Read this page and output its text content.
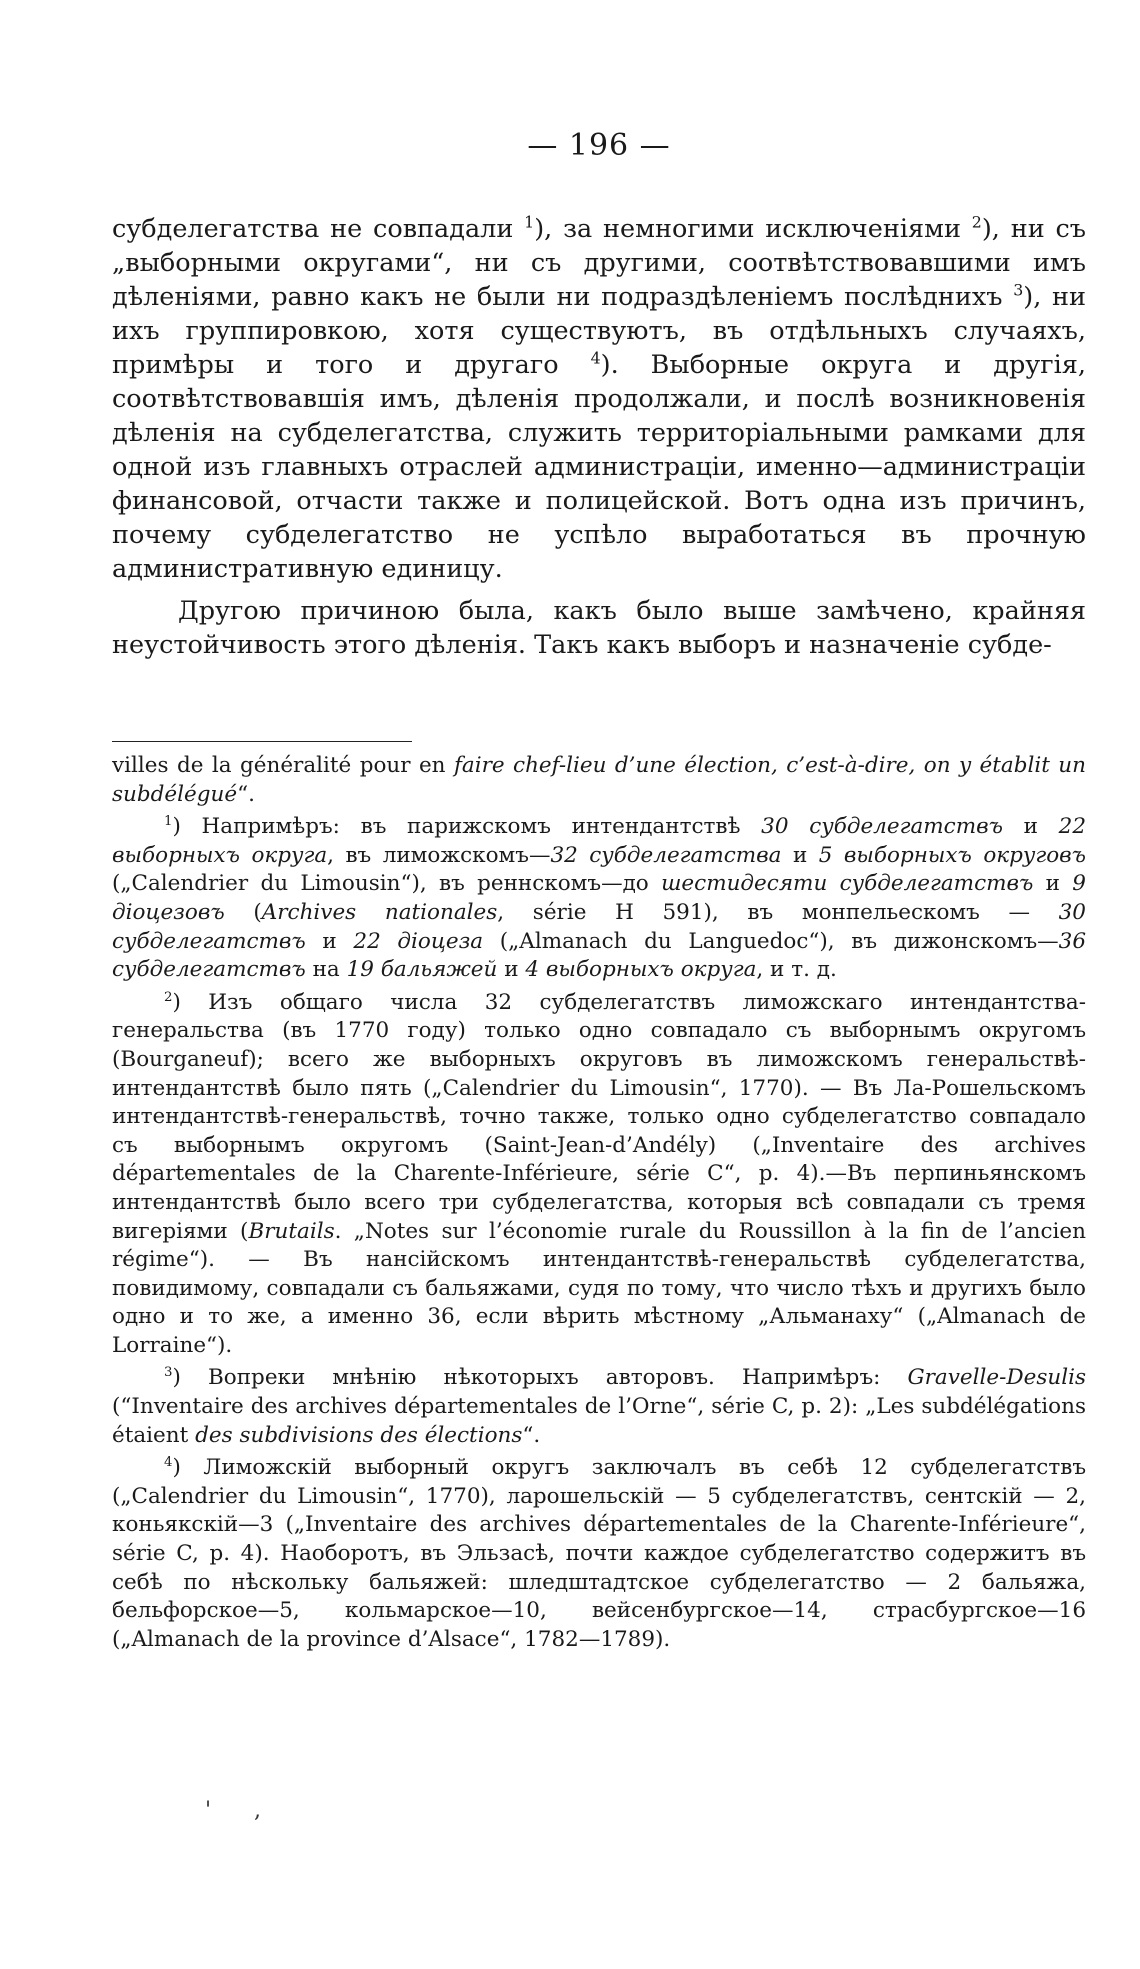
— 196 —

субделегатства не совпадали $^1$), за немногими исключеніями $^2$), ни съ „выборными округами“, ни съ другими, соотвѣтствовавшими имъ дѣленіями, равно какъ не были ни подраздѣленіемъ послѣднихъ $^3$), ни ихъ группировкою, хотя существуютъ, въ отдѣльныхъ случаяхъ, примѣры и того и другаго $^4$). Выборные округа и другія, соотвѣтствовавшія имъ, дѣленія продолжали, и послѣ возникновенія дѣленія на субделегатства, служить территоріальными рамками для одной изъ главныхъ отраслей администраціи, именно—администраціи финансовой, отчасти также и полицейской. Вотъ одна изъ причинъ, почему субделегатство не успѣло выработаться въ прочную административную единицу.

Другою причиною была, какъ было выше замѣчено, крайняя неустойчивость этого дѣленія. Такъ какъ выборъ и назначеніе субде-

villes de la généralité pour en faire chef-lieu d’une élection, c’est-à-dire, on y établit un subdélégué“.

$^1$) Напримѣръ: въ парижскомъ интендантствѣ 30 субделегатствъ и 22 выборныхъ округа, въ лиможскомъ—32 субделегатства и 5 выборныхъ округовъ („Calendrier du Limousin“), въ реннскомъ—до шестидесяти субделегатствъ и 9 діоцезовъ (Archives nationales, série H 591), въ монпельескомъ — 30 субделегатствъ и 22 діоцеза („Almanach du Languedoc“), въ дижонскомъ—36 субделегатствъ на 19 бальяжей и 4 выборныхъ округа, и т. д.

$^2$) Изъ общаго числа 32 субделегатствъ лиможскаго интендантства-генеральства (въ 1770 году) только одно совпадало съ выборнымъ округомъ (Bourganeuf); всего же выборныхъ округовъ въ лиможскомъ генеральствѣ-интендантствѣ было пять („Calendrier du Limousin“, 1770). — Въ Ла-Рошельскомъ интендантствѣ-генеральствѣ, точно также, только одно субделегатство совпадало съ выборнымъ округомъ (Saint-Jean-d’Andély) („Inventaire des archives départementales de la Charente-Inférieure, série C“, p. 4).—Въ перпиньянскомъ интендантствѣ было всего три субделегатства, которыя всѣ совпадали съ тремя вигеріями (Brutails. „Notes sur l’économie rurale du Roussillon à la fin de l’ancien régime“). — Въ нансійскомъ интендантствѣ-генеральствѣ субделегатства, повидимому, совпадали съ бальяжами, судя по тому, что число тѣхъ и другихъ было одно и то же, а именно 36, если вѣрить мѣстному „Альманаху“ („Almanach de Lorraine“).

$^3$) Вопреки мнѣнію нѣкоторыхъ авторовъ. Напримѣръ: Gravelle-Desulis (“Inventaire des archives départementales de l’Orne“, série C, p. 2): „Les subdélégations étaient des subdivisions des élections“.

$^4$) Лиможскій выборный округъ заключалъ въ себѣ 12 субделегатствъ („Calendrier du Limousin“, 1770), ларошельскій — 5 субделегатствъ, сентскій — 2, коньякскій—3 („Inventaire des archives départementales de la Charente-Inférieure“, série C, p. 4). Наоборотъ, въ Эльзасѣ, почти каждое субделегатство содержитъ въ себѣ по нѣскольку бальяжей: шледштадтское субделегатство — 2 бальяжа, бельфорское—5, кольмарское—10, вейсенбургское—14, страсбургское—16 („Almanach de la province d’Alsace“, 1782—1789).

' ,
